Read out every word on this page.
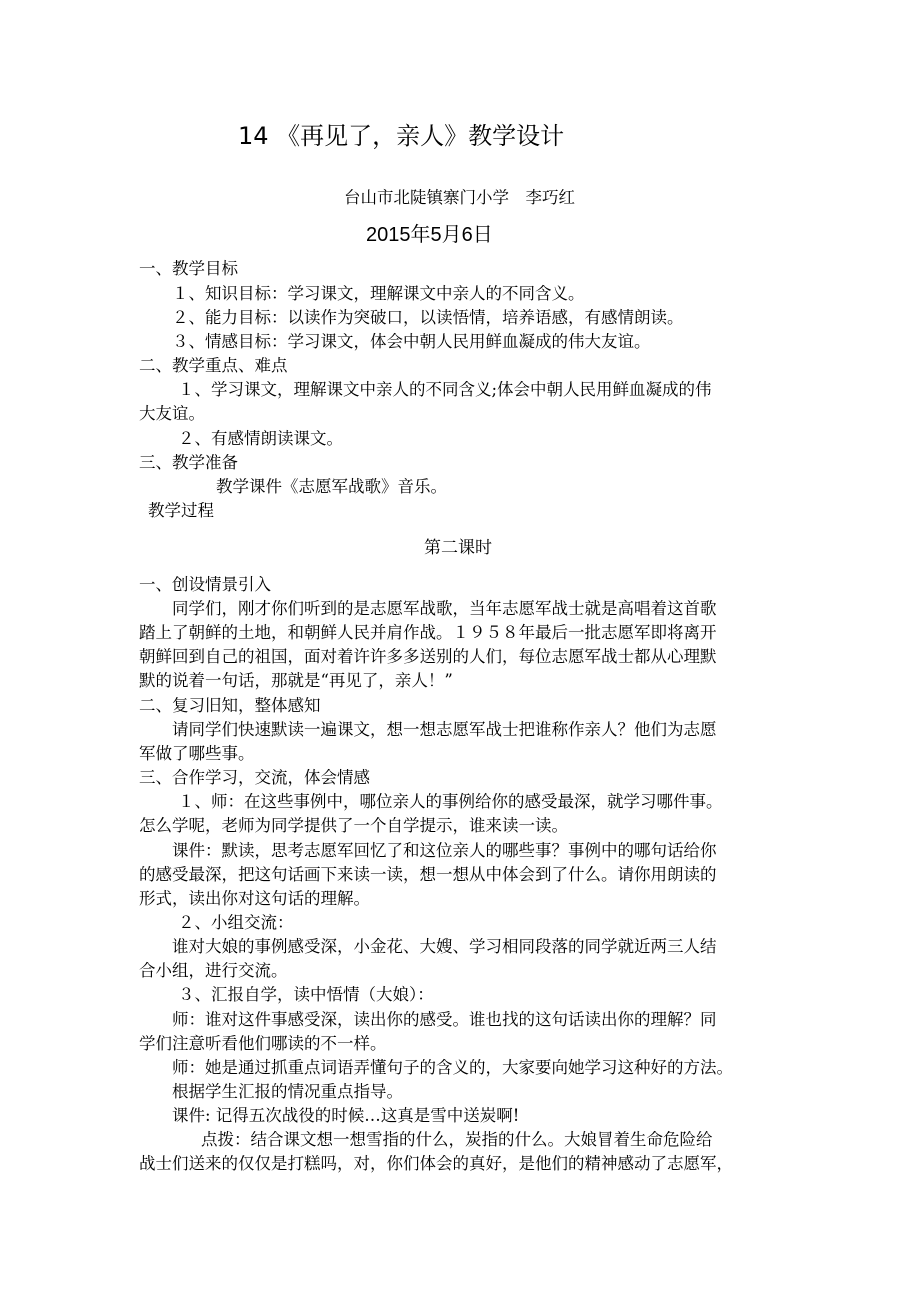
14 《再见了，亲人》教学设计
台山市北陡镇寨门小学　李巧红
2015年5月6日
一、教学目标
１、知识目标：学习课文，理解课文中亲人的不同含义。
２、能力目标：以读作为突破口，以读悟情，培养语感，有感情朗读。
３、情感目标：学习课文，体会中朝人民用鲜血凝成的伟大友谊。
二、教学重点、难点
１、学习课文，理解课文中亲人的不同含义;体会中朝人民用鲜血凝成的伟
大友谊。
２、有感情朗读课文。
三、教学准备
教学课件《志愿军战歌》音乐。
教学过程
第二课时
一、创设情景引入
同学们，刚才你们听到的是志愿军战歌，当年志愿军战士就是高唱着这首歌
踏上了朝鲜的土地，和朝鲜人民并肩作战。１９５８年最后一批志愿军即将离开
朝鲜回到自己的祖国，面对着许许多多送别的人们，每位志愿军战士都从心理默
默的说着一句话，那就是“再见了，亲人！”
二、复习旧知，整体感知
请同学们快速默读一遍课文，想一想志愿军战士把谁称作亲人？他们为志愿
军做了哪些事。
三、合作学习，交流，体会情感
１、师：在这些事例中，哪位亲人的事例给你的感受最深，就学习哪件事。
怎么学呢，老师为同学提供了一个自学提示，谁来读一读。
课件：默读，思考志愿军回忆了和这位亲人的哪些事？事例中的哪句话给你
的感受最深，把这句话画下来读一读，想一想从中体会到了什么。请你用朗读的
形式，读出你对这句话的理解。
２、小组交流：
谁对大娘的事例感受深，小金花、大嫂、学习相同段落的同学就近两三人结
合小组，进行交流。
３、汇报自学，读中悟情（大娘）：
师：谁对这件事感受深，读出你的感受。谁也找的这句话读出你的理解？同
学们注意听看他们哪读的不一样。
师：她是通过抓重点词语弄懂句子的含义的，大家要向她学习这种好的方法。
根据学生汇报的情况重点指导。
课件: 记得五次战役的时候…这真是雪中送炭啊!
点拨：结合课文想一想雪指的什么，炭指的什么。大娘冒着生命危险给
战士们送来的仅仅是打糕吗，对，你们体会的真好，是他们的精神感动了志愿军，
